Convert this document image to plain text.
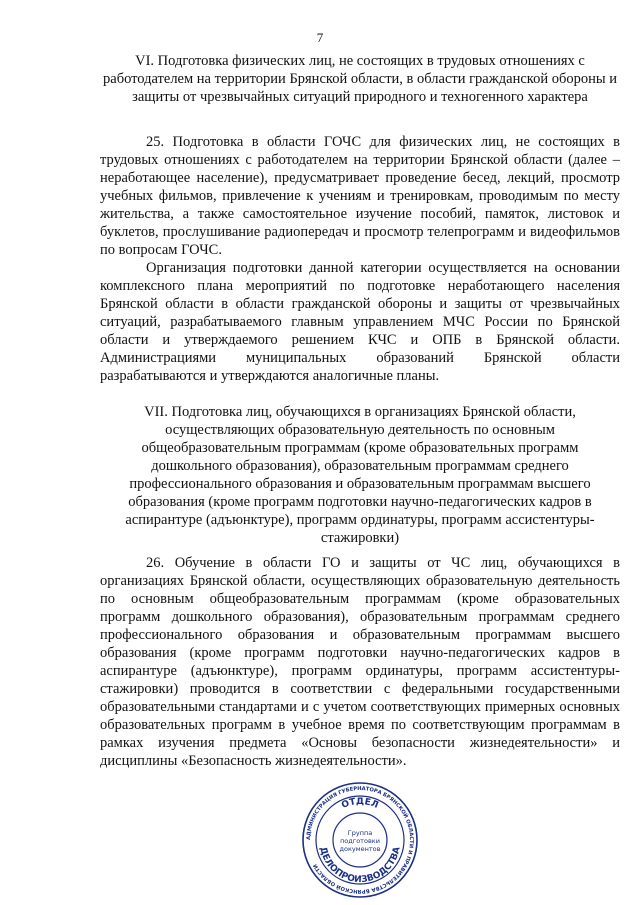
7
VI. Подготовка физических лиц, не состоящих в трудовых отношениях с работодателем на территории Брянской области, в области гражданской обороны и защиты от чрезвычайных ситуаций природного и техногенного характера

25. Подготовка в области ГОЧС для физических лиц, не состоящих в трудовых отношениях с работодателем на территории Брянской области (далее – неработающее население), предусматривает проведение бесед, лекций, просмотр учебных фильмов, привлечение к учениям и тренировкам, проводимым по месту жительства, а также самостоятельное изучение пособий, памяток, листовок и буклетов, прослушивание радиопередач и просмотр телепрограмм и видеофильмов по вопросам ГОЧС.

Организация подготовки данной категории осуществляется на основании комплексного плана мероприятий по подготовке неработающего населения Брянской области в области гражданской обороны и защиты от чрезвычайных ситуаций, разрабатываемого главным управлением МЧС России по Брянской области и утверждаемого решением КЧС и ОПБ в Брянской области. Администрациями муниципальных образований Брянской области разрабатываются и утверждаются аналогичные планы.

VII. Подготовка лиц, обучающихся в организациях Брянской области, осуществляющих образовательную деятельность по основным общеобразовательным программам (кроме образовательных программ дошкольного образования), образовательным программам среднего профессионального образования и образовательным программам высшего образования (кроме программ подготовки научно-педагогических кадров в аспирантуре (адъюнктуре), программ ординатуры, программ ассистентуры-стажировки)

26. Обучение в области ГО и защиты от ЧС лиц, обучающихся в организациях Брянской области, осуществляющих образовательную деятельность по основным общеобразовательным программам (кроме образовательных программ дошкольного образования), образовательным программам среднего профессионального образования и образовательным программам высшего образования (кроме программ подготовки научно-педагогических кадров в аспирантуре (адъюнктуре), программ ординатуры, программ ассистентуры-стажировки) проводится в соответствии с федеральными государственными образовательными стандартами и с учетом соответствующих примерных основных образовательных программ в учебное время по соответствующим программам в рамках изучения предмета «Основы безопасности жизнедеятельности» и дисциплины «Безопасность жизнедеятельности».

АДМИНИСТРАЦИЯ ГУБЕРНАТОРА БРЯНСКОЙ ОБЛАСТИ И ПРАВИТЕЛЬСТВА БРЯНСКОЙ ОБЛАСТИ
ОТДЕЛ
ДЕЛОПРОИЗВОДСТВА
Группа
подготовки
документов
